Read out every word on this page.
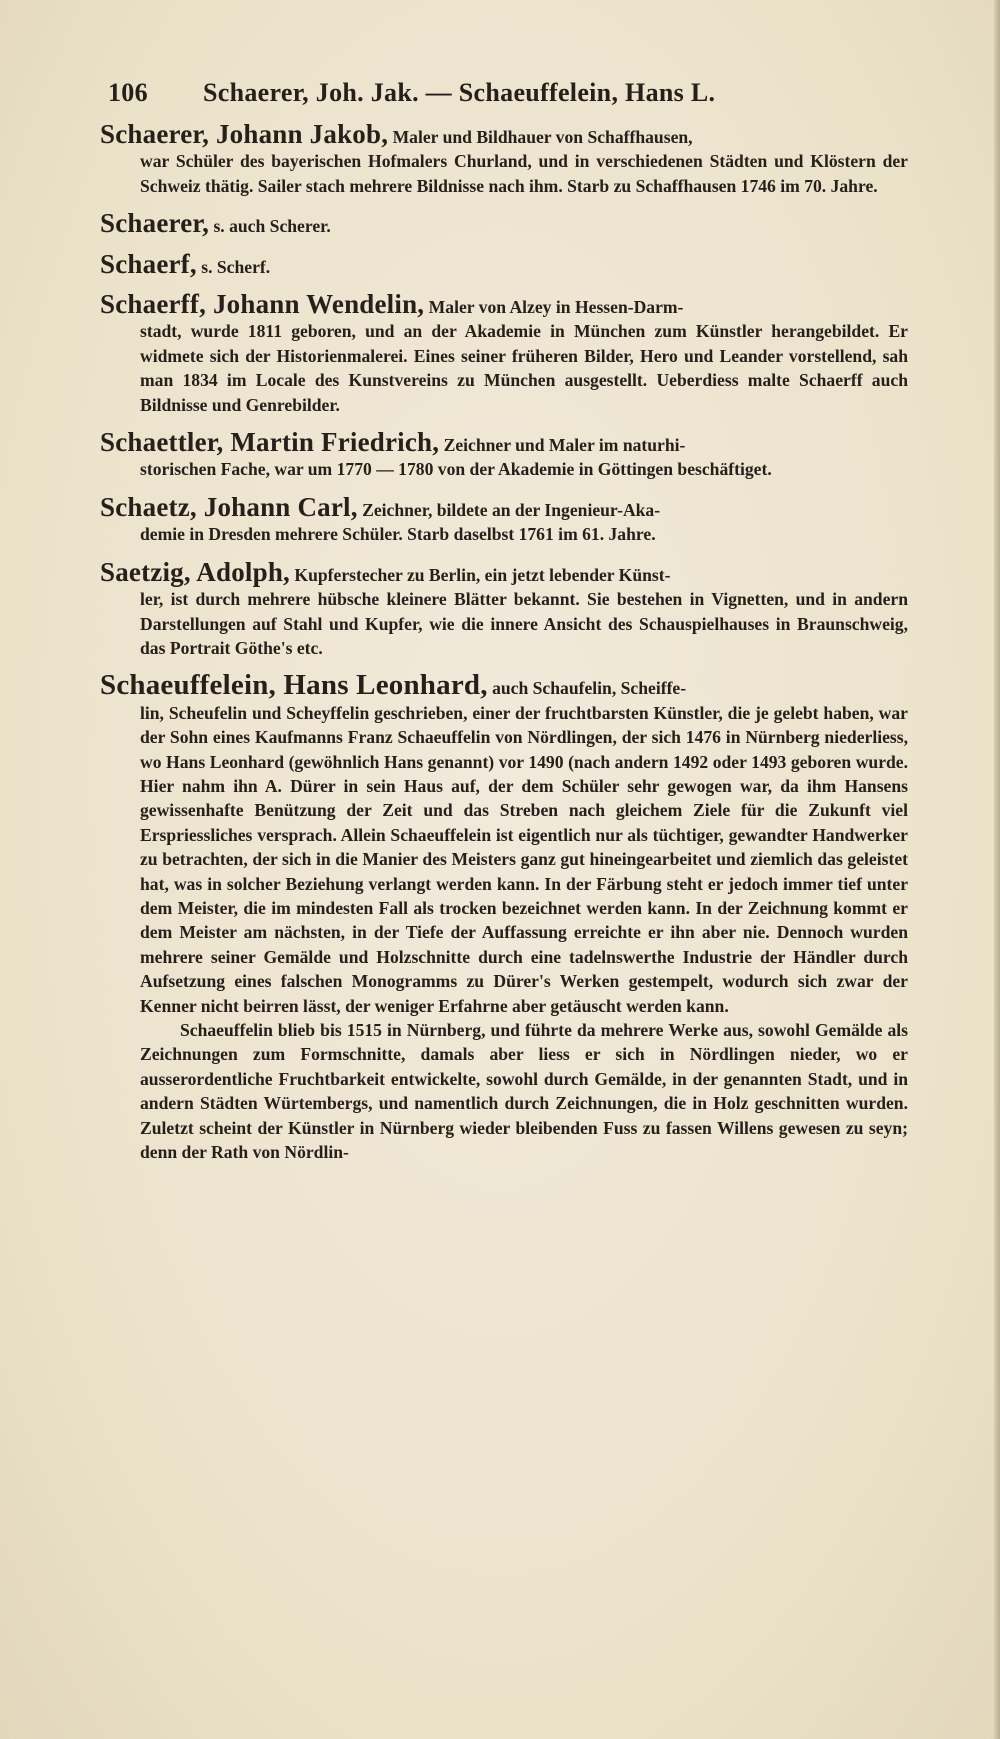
106 Schaerer, Joh. Jak. — Schaeuffelein, Hans L.

Schaerer, Johann Jakob, Maler und Bildhauer von Schaffhausen,

war Schüler des bayerischen Hofmalers Churland, und in verschiedenen Städten und Klöstern der Schweiz thätig. Sailer stach mehrere Bildnisse nach ihm. Starb zu Schaffhausen 1746 im 70. Jahre.

Schaerer, s. auch Scherer.

Schaerf, s. Scherf.

Schaerff, Johann Wendelin, Maler von Alzey in Hessen-Darm-

stadt, wurde 1811 geboren, und an der Akademie in München zum Künstler herangebildet. Er widmete sich der Historienmalerei. Eines seiner früheren Bilder, Hero und Leander vorstellend, sah man 1834 im Locale des Kunstvereins zu München ausgestellt. Ueberdiess malte Schaerff auch Bildnisse und Genrebilder.

Schaettler, Martin Friedrich, Zeichner und Maler im naturhi-

storischen Fache, war um 1770 — 1780 von der Akademie in Göttingen beschäftiget.

Schaetz, Johann Carl, Zeichner, bildete an der Ingenieur-Aka-

demie in Dresden mehrere Schüler. Starb daselbst 1761 im 61. Jahre.

Saetzig, Adolph, Kupferstecher zu Berlin, ein jetzt lebender Künst-

ler, ist durch mehrere hübsche kleinere Blätter bekannt. Sie bestehen in Vignetten, und in andern Darstellungen auf Stahl und Kupfer, wie die innere Ansicht des Schauspielhauses in Braunschweig, das Portrait Göthe's etc.

Schaeuffelein, Hans Leonhard, auch Schaufelin, Scheiffe-

lin, Scheufelin und Scheyffelin geschrieben, einer der fruchtbarsten Künstler, die je gelebt haben, war der Sohn eines Kaufmanns Franz Schaeuffelin von Nördlingen, der sich 1476 in Nürnberg niederliess, wo Hans Leonhard (gewöhnlich Hans genannt) vor 1490 (nach andern 1492 oder 1493 geboren wurde. Hier nahm ihn A. Dürer in sein Haus auf, der dem Schüler sehr gewogen war, da ihm Hansens gewissenhafte Benützung der Zeit und das Streben nach gleichem Ziele für die Zukunft viel Erspriessliches versprach. Allein Schaeuffelein ist eigentlich nur als tüchtiger, gewandter Handwerker zu betrachten, der sich in die Manier des Meisters ganz gut hineingearbeitet und ziemlich das geleistet hat, was in solcher Beziehung verlangt werden kann. In der Färbung steht er jedoch immer tief unter dem Meister, die im mindesten Fall als trocken bezeichnet werden kann. In der Zeichnung kommt er dem Meister am nächsten, in der Tiefe der Auffassung erreichte er ihn aber nie. Dennoch wurden mehrere seiner Gemälde und Holzschnitte durch eine tadelnswerthe Industrie der Händler durch Aufsetzung eines falschen Monogramms zu Dürer's Werken gestempelt, wodurch sich zwar der Kenner nicht beirren lässt, der weniger Erfahrne aber getäuscht werden kann.
Schaeuffelin blieb bis 1515 in Nürnberg, und führte da mehrere Werke aus, sowohl Gemälde als Zeichnungen zum Formschnitte, damals aber liess er sich in Nördlingen nieder, wo er ausserordentliche Fruchtbarkeit entwickelte, sowohl durch Gemälde, in der genannten Stadt, und in andern Städten Würtembergs, und namentlich durch Zeichnungen, die in Holz geschnitten wurden. Zuletzt scheint der Künstler in Nürnberg wieder bleibenden Fuss zu fassen Willens gewesen zu seyn; denn der Rath von Nördlin-
